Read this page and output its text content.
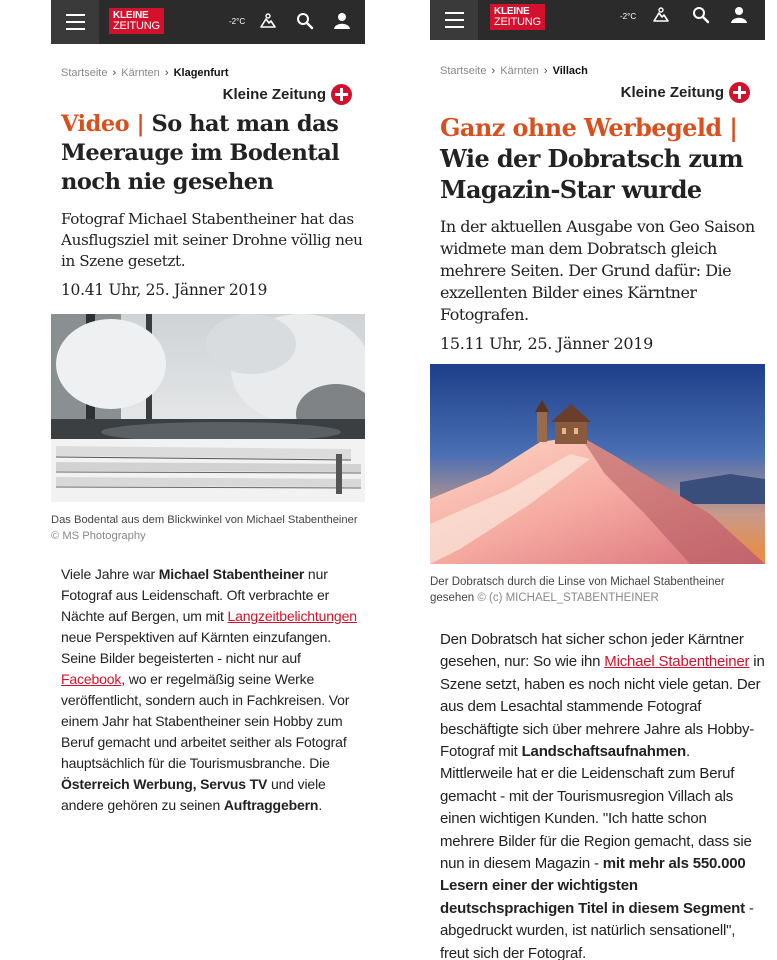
KLEINE
ZEITUNG	-2°C
Startseite › Kärnten › Klagenfurt
Kleine Zeitung
Video | So hat man das Meerauge im Bodental noch nie gesehen

Fotograf Michael Stabentheiner hat das Ausflugsziel mit seiner Drohne völlig neu in Szene gesetzt.

10.41 Uhr, 25. Jänner 2019

Das Bodental aus dem Blickwinkel von Michael Stabentheiner
© MS Photography
Viele Jahre war Michael Stabentheiner nur Fotograf aus Leidenschaft. Oft verbrachte er Nächte auf Bergen, um mit Langzeitbelichtungen neue Perspektiven auf Kärnten einzufangen. Seine Bilder begeisterten - nicht nur auf Facebook, wo er regelmäßig seine Werke veröffentlicht, sondern auch in Fachkreisen. Vor einem Jahr hat Stabentheiner sein Hobby zum Beruf gemacht und arbeitet seither als Fotograf hauptsächlich für die Tourismusbranche. Die Österreich Werbung, Servus TV und viele andere gehören zu seinen Auftraggebern.
KLEINE
ZEITUNG	-2°C
Startseite › Kärnten › Villach
Kleine Zeitung
Ganz ohne Werbegeld | Wie der Dobratsch zum Magazin-Star wurde

In der aktuellen Ausgabe von Geo Saison widmete man dem Dobratsch gleich mehrere Seiten. Der Grund dafür: Die exzellenten Bilder eines Kärntner Fotografen.

15.11 Uhr, 25. Jänner 2019

Der Dobratsch durch die Linse von Michael Stabentheiner gesehen © (c) MICHAEL_STABENTHEINER
Den Dobratsch hat sicher schon jeder Kärntner gesehen, nur: So wie ihn Michael Stabentheiner in Szene setzt, haben es noch nicht viele getan. Der aus dem Lesachtal stammende Fotograf beschäftigte sich über mehrere Jahre als Hobby-Fotograf mit Landschaftsaufnahmen. Mittlerweile hat er die Leidenschaft zum Beruf gemacht - mit der Tourismusregion Villach als einen wichtigen Kunden. "Ich hatte schon mehrere Bilder für die Region gemacht, dass sie nun in diesem Magazin - mit mehr als 550.000 Lesern einer der wichtigsten deutschsprachigen Titel in diesem Segment - abgedruckt wurden, ist natürlich sensationell", freut sich der Fotograf.
